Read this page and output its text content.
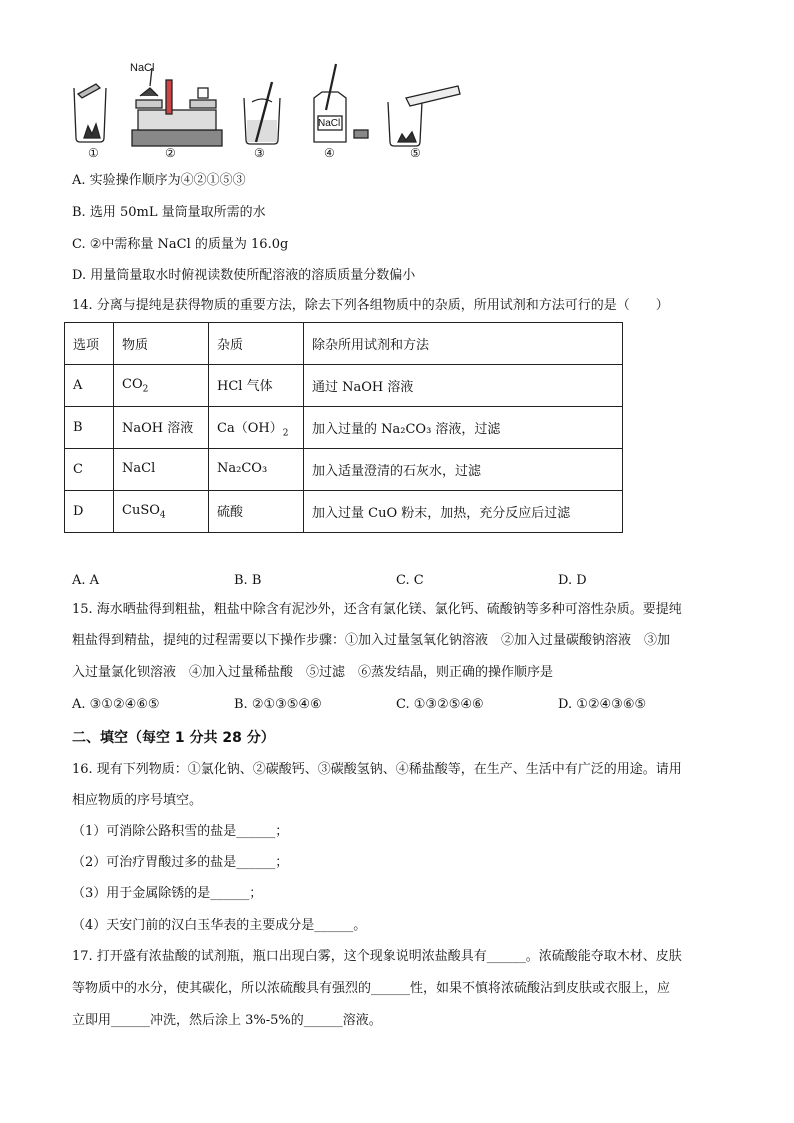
NaCl
NaCl
①	②	③	④	⑤
A. 实验操作顺序为④②①⑤③
B. 选用 50mL 量筒量取所需的水
C. ②中需称量 NaCl 的质量为 16.0g
D. 用量筒量取水时俯视读数使所配溶液的溶质质量分数偏小
14. 分离与提纯是获得物质的重要方法，除去下列各组物质中的杂质，所用试剂和方法可行的是（　　）
选项	物质	杂质	除杂所用试剂和方法
A	$CO_2$	HCl 气体	通过 NaOH 溶液
B	NaOH 溶液	$Ca(OH)_2$	加入过量的 Na₂CO₃ 溶液，过滤
C	NaCl	Na₂CO₃	加入适量澄清的石灰水，过滤
D	CuSO$_4$	硫酸	加入过量 CuO 粉末，加热，充分反应后过滤
A. A	B. B	C. C	D. D
15. 海水晒盐得到粗盐，粗盐中除含有泥沙外，还含有氯化镁、氯化钙、硫酸钠等多种可溶性杂质。要提纯
粗盐得到精盐，提纯的过程需要以下操作步骤：①加入过量氢氧化钠溶液　②加入过量碳酸钠溶液　③加
入过量氯化钡溶液　④加入过量稀盐酸　⑤过滤　⑥蒸发结晶，则正确的操作顺序是
A. ③①②④⑥⑤	B. ②①③⑤④⑥	C. ①③②⑤④⑥	D. ①②④③⑥⑤
二、填空（每空 1 分共 28 分）
16. 现有下列物质：①氯化钠、②碳酸钙、③碳酸氢钠、④稀盐酸等，在生产、生活中有广泛的用途。请用
相应物质的序号填空。
（1）可消除公路积雪的盐是______；
（2）可治疗胃酸过多的盐是______；
（3）用于金属除锈的是______；
（4）天安门前的汉白玉华表的主要成分是______。
17. 打开盛有浓盐酸的试剂瓶，瓶口出现白雾，这个现象说明浓盐酸具有______。浓硫酸能夺取木材、皮肤
等物质中的水分，使其碳化，所以浓硫酸具有强烈的______性，如果不慎将浓硫酸沾到皮肤或衣服上，应
立即用______冲洗，然后涂上 3%-5%的______溶液。
